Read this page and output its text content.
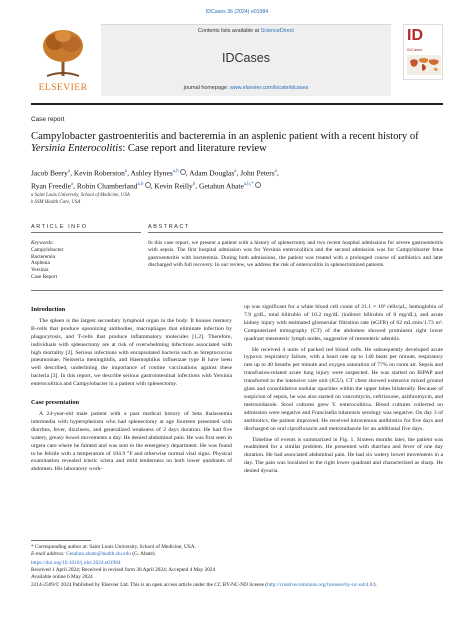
IDCases 36 (2024) e01984
ELSEVIER
Contents lists available at ScienceDirect
IDCases
journal homepage: www.elsevier.com/locate/idcases
ID
IDCases
Case report
Campylobacter gastroenteritis and bacteremia in an asplenic patient with a recent history of Yersinia Enterocolitis: Case report and literature review
Jacob Beery$^a$, Kevin Roberston$^a$, Ashley Hynes$^{a,b}$ , Adam Douglas$^a$, John Peters$^a$,
Ryan Freedle$^a$, Robin Chamberland$^{a,b}$ , Kevin Reilly$^b$, Getahun Abate$^{a,b,*}$
a Saint Louis University, School of Medicine, USA
b SSM Health Care, USA
ARTICLE INFO	ABSTRACT
Keywords:
Campylobacter
Bacteremia
Asplenia
Yersinia
Case Report
In this case report, we present a patient with a history of splenectomy and two recent hospital admissions for severe gastroenteritis with sepsis. The first hospital admission was for Yersinia enterocolitica and the second admission was for Campylobacter fetus gastroenteritis with bacteremia. During both admissions, the patient was treated with a prolonged course of antibiotics and later discharged with full recovery. In our review, we address the risk of enterocolitis in splenectomized patients.
Introduction

The spleen is the largest secondary lymphoid organ in the body. It houses memory B-cells that produce opsonizing antibodies, macrophages that eliminate infection by phagocytosis, and T-cells that produce inflammatory molecules [1,2]. Therefore, individuals with splenectomy are at risk of overwhelming infections associated with high mortality [2]. Serious infections with encapsulated bacteria such as Streptococcus pneumoniae, Neisseria meningitidis, and Haemophilus influenzae type B have been well described, underlining the importance of routine vaccinations against these bacteria [3]. In this report, we describe serious gastrointestinal infections with Yersinia enterocolitica and Campylobacter in a patient with splenectomy.

Case presentation

A 24-year-old male patient with a past medical history of beta thalassemia intermedia with hypersplenism who had splenectomy at age fourteen presented with diarrhea, fever, dizziness, and generalized weakness of 2 days duration. He had five watery, greasy bowel movements a day. He denied abdominal pain. He was first seen in urgent care where he fainted and was sent to the emergency department. He was found to be febrile with a temperature of 104.9 °F and otherwise normal vital signs. Physical examination revealed icteric sclera and mild tenderness on both lower quadrants of abdomen. His laboratory work-

up was significant for a white blood cell count of 21.1 × 10³ cells/µL, hemoglobin of 7.9 g/dL, total bilirubin of 10.2 mg/dL (indirect bilirubin of 8 mg/dL), and acute kidney injury with estimated glomerular filtration rate (eGFR) of 62 mL/min/1.73 m². Computerized tomography (CT) of the abdomen showed prominent right lower quadrant mesenteric lymph nodes, suggestive of mesenteric adenitis.

He received 4 units of packed red blood cells. He subsequently developed acute hypoxic respiratory failure, with a heart rate up to 140 beats per minute, respiratory rate up to 40 breaths per minute and oxygen saturation of 77% on room air. Sepsis and transfusion-related acute lung injury were suspected. He was started on BiPAP and transferred to the intensive care unit (ICU). CT chest showed extensive mixed ground glass and consolidative nodular opacities within the upper lobes bilaterally. Because of suspicion of sepsis, he was also started on vancomycin, ceftriaxone, azithromycin, and metronidazole. Stool cultures grew Y. enterocolitica. Blood cultures collected on admission were negative and Francisella tularensis serology was negative. On day 3 of antibiotics, the patient improved. He received intravenous antibiotics for five days and discharged on oral ciprofloxacin and metronidazole for an additional five days.

Timeline of events is summarized in Fig. 1. Sixteen months later, the patient was readmitted for a similar problem. He presented with diarrhea and fever of one day duration. He had associated abdominal pain. He had six watery bowel movements in a day. The pain was localized to the right lower quadrant and characterized as sharp. He denied dysuria.

* Corresponding author at: Saint Louis University, School of Medicine, USA.
E-mail address: Getahun.abate@health.slu.edu (G. Abate).
https://doi.org/10.1016/j.idcr.2024.e01984
Received 1 April 2024; Received in revised form 30 April 2024; Accepted 4 May 2024
Available online 6 May 2024
2214-2509/© 2024 Published by Elsevier Ltd. This is an open access article under the CC BY-NC-ND license (http://creativecommons.org/licenses/by-nc-nd/4.0/).
